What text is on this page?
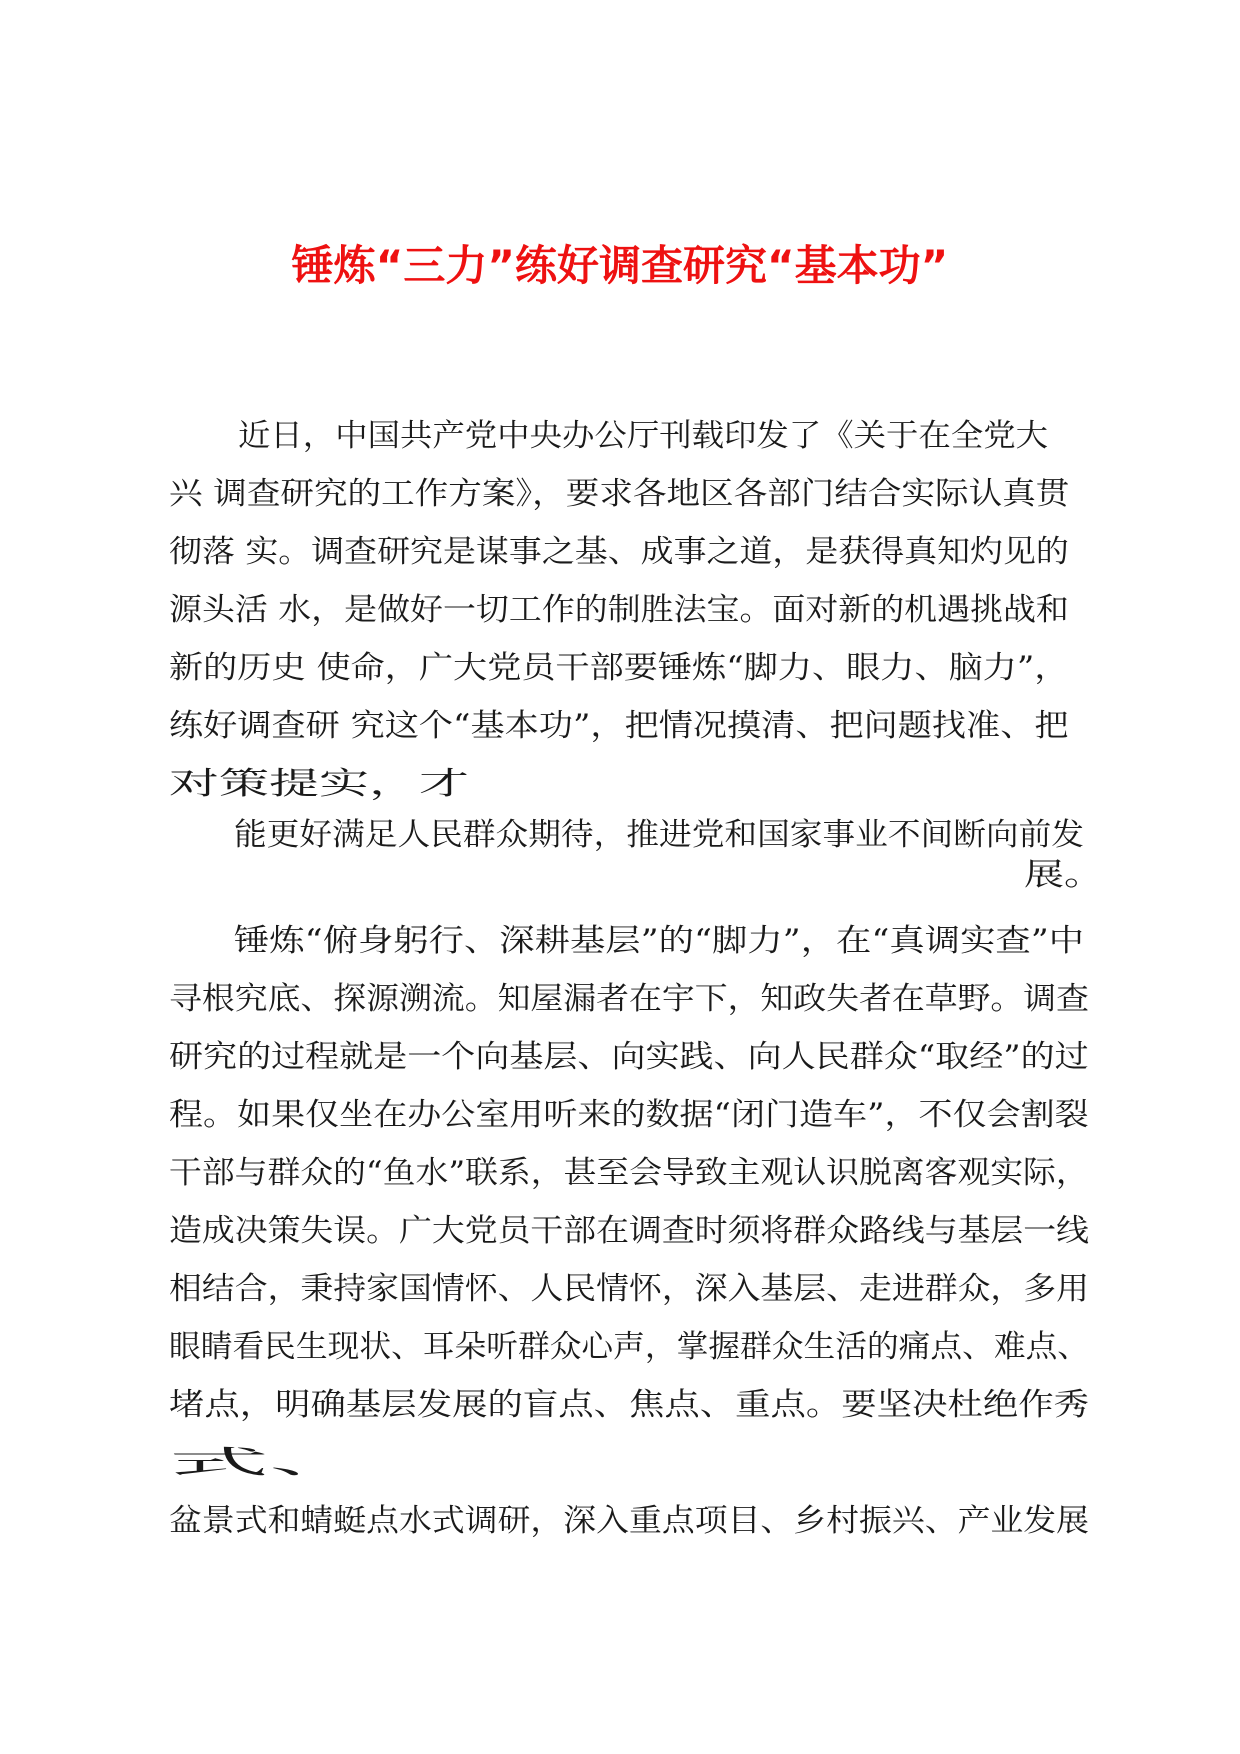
锤炼“三力”练好调查研究“基本功”
近日，中国共产党中央办公厅刊载印发了《关于在全党大
兴 调查研究的工作方案》，要求各地区各部门结合实际认真贯
彻落 实。调查研究是谋事之基、成事之道，是获得真知灼见的
源头活 水，是做好一切工作的制胜法宝。面对新的机遇挑战和
新的历史 使命，广大党员干部要锤炼“脚力、眼力、脑力”，
练好调查研 究这个“基本功”，把情况摸清、把问题找准、把
对策提实，才
能更好满足人民群众期待，推进党和国家事业不间断向前发
展。
锤炼“俯身躬行、深耕基层”的“脚力”，在“真调实查”中
寻根究底、探源溯流。知屋漏者在宇下，知政失者在草野。调查
研究的过程就是一个向基层、向实践、向人民群众“取经”的过
程。如果仅坐在办公室用听来的数据“闭门造车”，不仅会割裂
干部与群众的“鱼水”联系，甚至会导致主观认识脱离客观实际，
造成决策失误。广大党员干部在调查时须将群众路线与基层一线
相结合，秉持家国情怀、人民情怀，深入基层、走进群众，多用
眼睛看民生现状、耳朵听群众心声，掌握群众生活的痛点、难点、
堵点，明确基层发展的盲点、焦点、重点。要坚决杜绝作秀
式、
盆景式和蜻蜓点水式调研，深入重点项目、乡村振兴、产业发展
